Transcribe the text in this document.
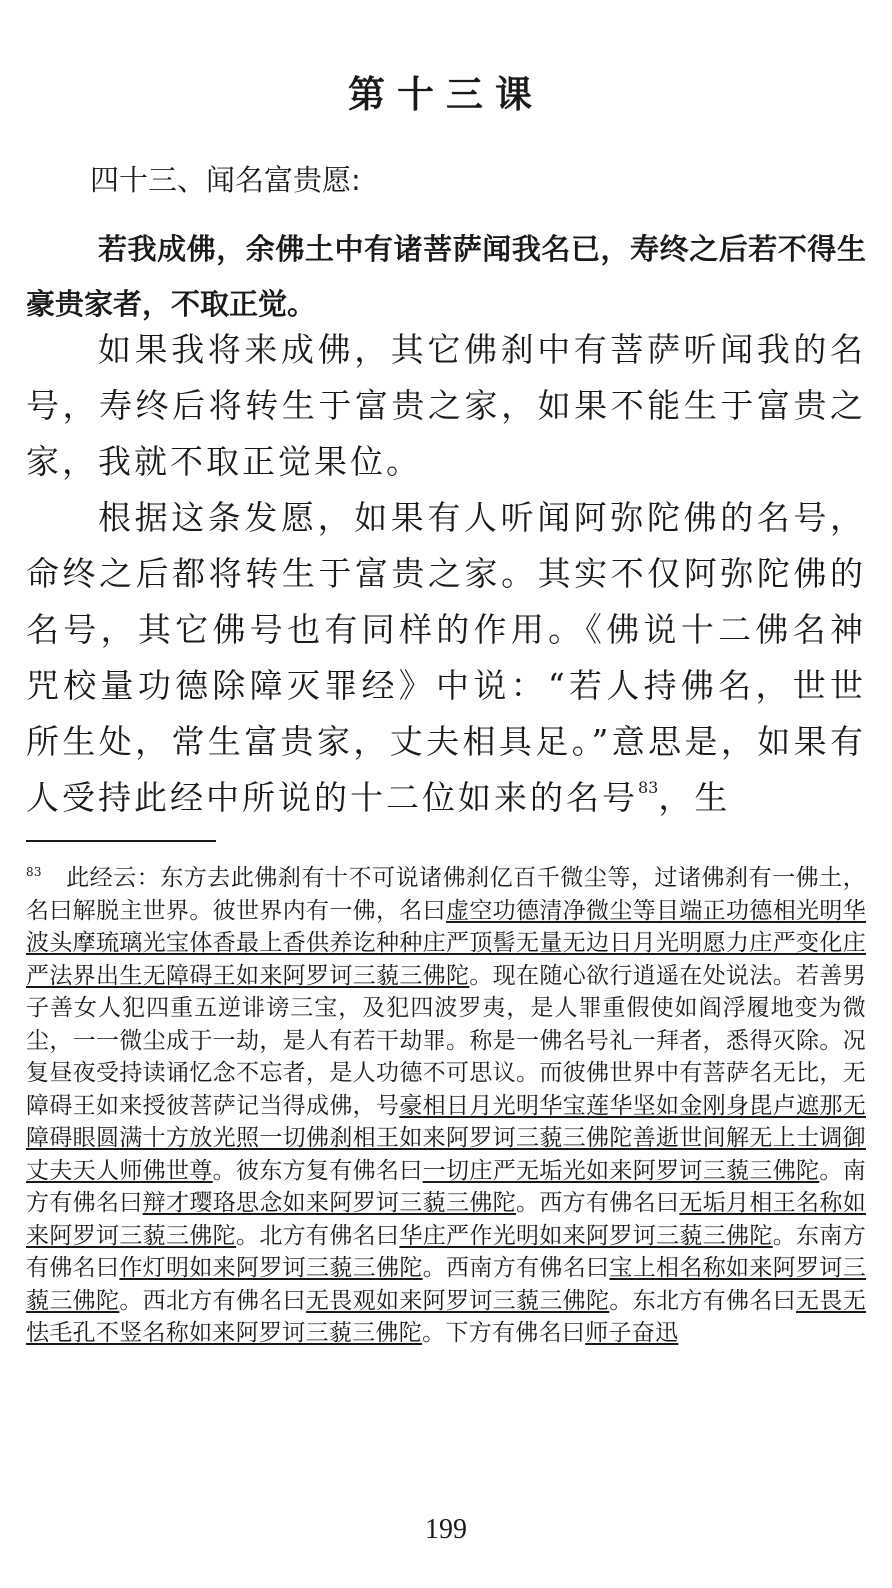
第十三课
四十三、闻名富贵愿:
若我成佛，余佛土中有诸菩萨闻我名已，寿终之后若不得生豪贵家者，不取正觉。
如果我将来成佛，其它佛刹中有菩萨听闻我的名号，寿终后将转生于富贵之家，如果不能生于富贵之家，我就不取正觉果位。
根据这条发愿，如果有人听闻阿弥陀佛的名号，命终之后都将转生于富贵之家。其实不仅阿弥陀佛的名号，其它佛号也有同样的作用。《佛说十二佛名神咒校量功德除障灭罪经》中说：“若人持佛名，世世所生处，常生富贵家，丈夫相具足。”意思是，如果有人受持此经中所说的十二位如来的名号$^{83}$，生
$^{83}$ 此经云：东方去此佛刹有十不可说诸佛刹亿百千微尘等，过诸佛刹有一佛土，名曰解脱主世界。彼世界内有一佛，名曰虚空功德清净微尘等目端正功德相光明华波头摩琉璃光宝体香最上香供养讫种种庄严顶髻无量无边日月光明愿力庄严变化庄严法界出生无障碍王如来阿罗诃三藐三佛陀。现在随心欲行逍遥在处说法。若善男子善女人犯四重五逆诽谤三宝，及犯四波罗夷，是人罪重假使如阎浮履地变为微尘，一一微尘成于一劫，是人有若干劫罪。称是一佛名号礼一拜者，悉得灭除。况复昼夜受持读诵忆念不忘者，是人功德不可思议。而彼佛世界中有菩萨名无比，无障碍王如来授彼菩萨记当得成佛，号豪相日月光明华宝莲华坚如金刚身毘卢遮那无障碍眼圆满十方放光照一切佛刹相王如来阿罗诃三藐三佛陀善逝世间解无上士调御丈夫天人师佛世尊。彼东方复有佛名曰一切庄严无垢光如来阿罗诃三藐三佛陀。南方有佛名曰辩才璎珞思念如来阿罗诃三藐三佛陀。西方有佛名曰无垢月相王名称如来阿罗诃三藐三佛陀。北方有佛名曰华庄严作光明如来阿罗诃三藐三佛陀。东南方有佛名曰作灯明如来阿罗诃三藐三佛陀。西南方有佛名曰宝上相名称如来阿罗诃三藐三佛陀。西北方有佛名曰无畏观如来阿罗诃三藐三佛陀。东北方有佛名曰无畏无怯毛孔不竖名称如来阿罗诃三藐三佛陀。下方有佛名曰师子奋迅
199
